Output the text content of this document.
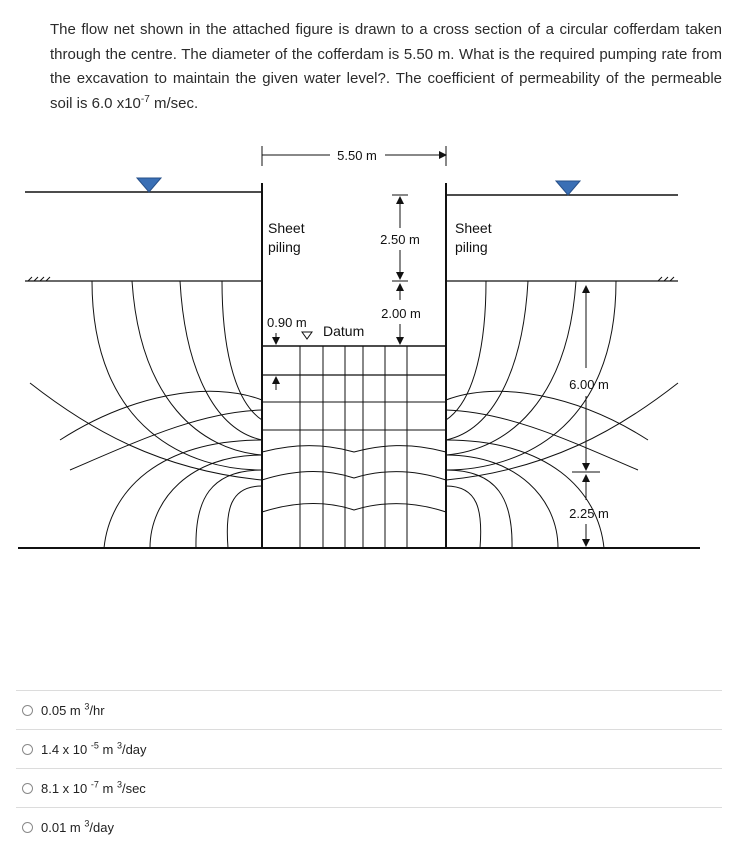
The flow net shown in the attached figure is drawn to a cross section of a circular cofferdam taken through the centre. The diameter of the cofferdam is 5.50 m. What is the required pumping rate from the excavation to maintain the given water level?. The coefficient of permeability of the permeable soil is 6.0 $x10^{-7}$ m/sec.
5.50 m
Sheet
piling
Sheet
piling
2.50 m
2.00 m
0.90 m
Datum
6.00 m
2.25 m
0.05 m $^3$/hr
1.4 x 10 $^{-5}$ m $^3$/day
8.1 x 10 $^{-7}$ m $^3$/sec
0.01 m $^3$/day
